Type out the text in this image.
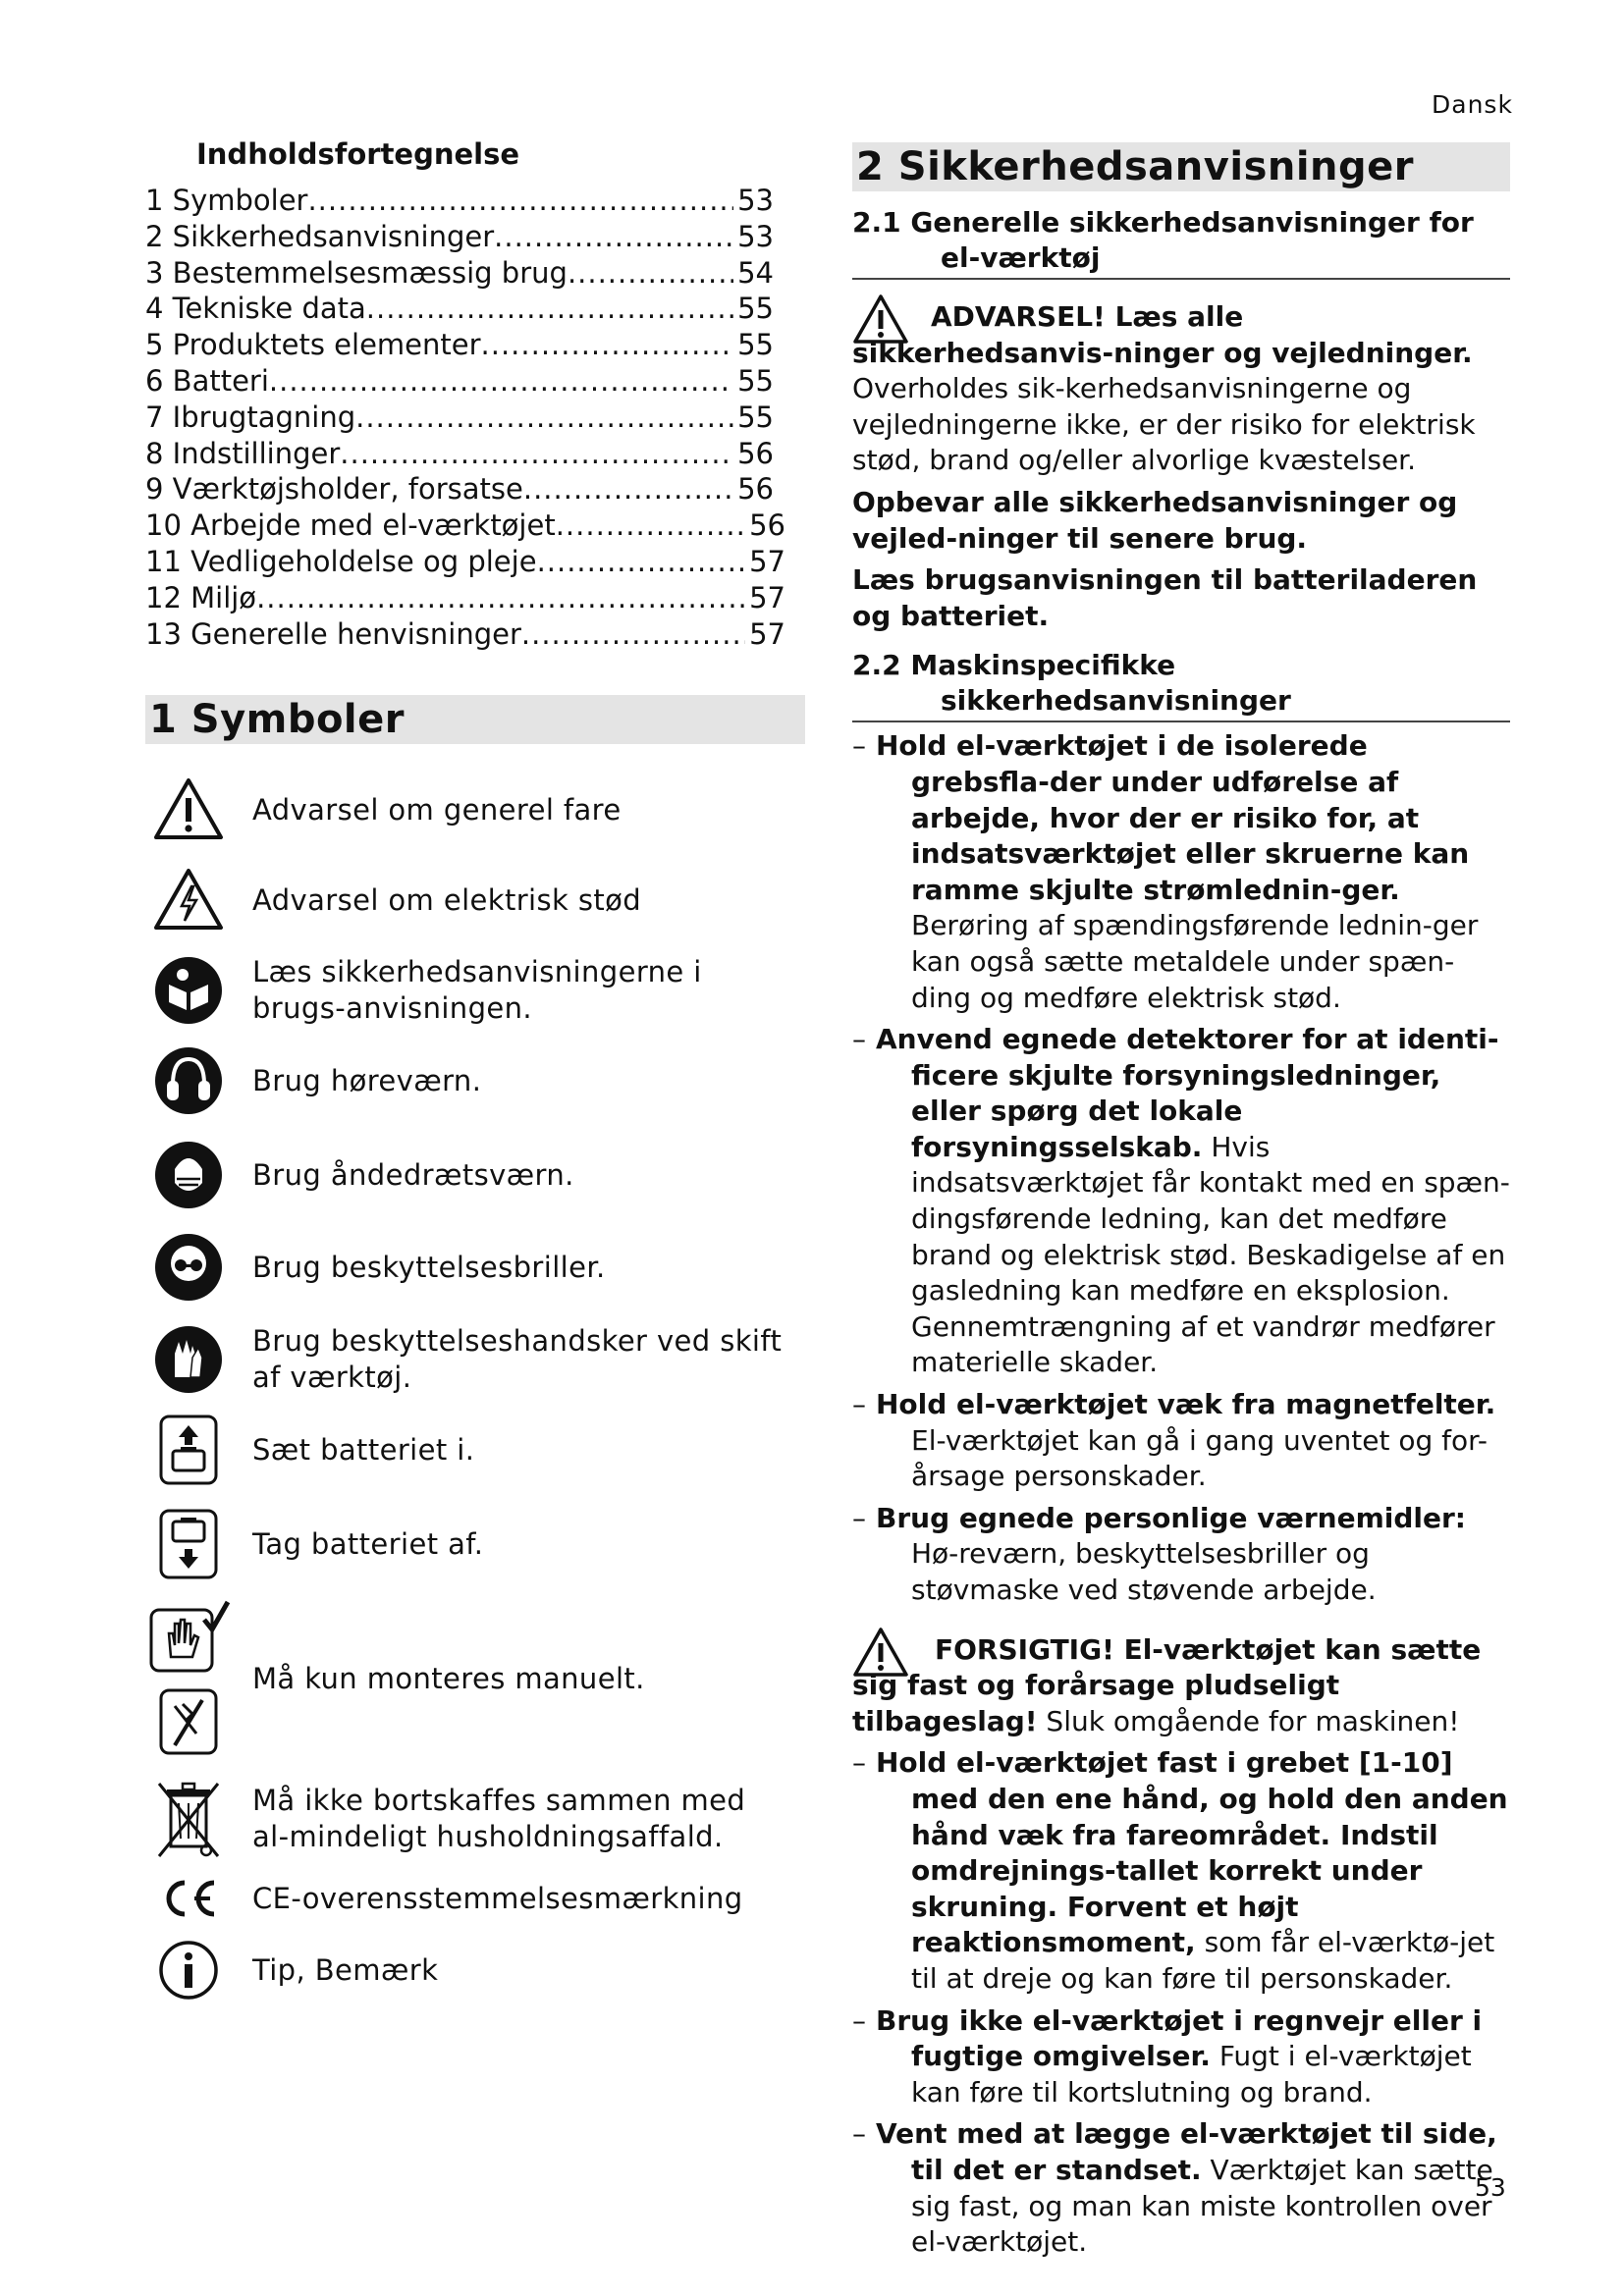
Dansk
Indholdsfortegnelse
1 Symboler .....	53
2 Sikkerhedsanvisninger .....	53
3 Bestemmelsesmæssig brug .....	54
4 Tekniske data .....	55
5 Produktets elementer .....	55
6 Batteri .....	55
7 Ibrugtagning .....	55
8 Indstillinger .....	56
9 Værktøjsholder, forsatse .....	56
10 Arbejde med el-værktøjet .....	56
11 Vedligeholdelse og pleje .....	57
12 Miljø .....	57
13 Generelle henvisninger .....	57
1 Symboler
Advarsel om generel fare
Advarsel om elektrisk stød
Læs sikkerhedsanvisningerne i brugs-anvisningen.
Brug høreværn.
Brug åndedrætsværn.
Brug beskyttelsesbriller.
Brug beskyttelseshandsker ved skift af værktøj.
Sæt batteriet i.
Tag batteriet af.
Må kun monteres manuelt.
Må ikke bortskaffes sammen med al-mindeligt husholdningsaffald.
CE-overensstemmelsesmærkning
Tip, Bemærk
2 Sikkerhedsanvisninger
2.1 Generelle sikkerhedsanvisninger for
el-værktøj
ADVARSEL! Læs alle sikkerhedsanvis-ninger og vejledninger. Overholdes sik-kerhedsanvisningerne og vejledningerne ikke, er der risiko for elektrisk stød, brand og/eller alvorlige kvæstelser.
Opbevar alle sikkerhedsanvisninger og vejled-ninger til senere brug.
Læs brugsanvisningen til batteriladeren og batteriet.
2.2 Maskinspecifikke
sikkerhedsanvisninger
– Hold el-værktøjet i de isolerede grebsfla-der under udførelse af arbejde, hvor der er risiko for, at indsatsværktøjet eller skruerne kan ramme skjulte strømlednin-ger. Berøring af spændingsførende lednin-ger kan også sætte metaldele under spæn-ding og medføre elektrisk stød.
– Anvend egnede detektorer for at identi-ficere skjulte forsyningsledninger, eller spørg det lokale forsyningsselskab. Hvis indsatsværktøjet får kontakt med en spæn-dingsførende ledning, kan det medføre brand og elektrisk stød. Beskadigelse af en gasledning kan medføre en eksplosion. Gennemtrængning af et vandrør medfører materielle skader.
– Hold el-værktøjet væk fra magnetfelter. El-værktøjet kan gå i gang uventet og for-årsage personskader.
– Brug egnede personlige værnemidler: Hø-reværn, beskyttelsesbriller og støvmaske ved støvende arbejde.
FORSIGTIG! El-værktøjet kan sætte sig fast og forårsage pludseligt tilbageslag! Sluk omgående for maskinen!
– Hold el-værktøjet fast i grebet [1-10] med den ene hånd, og hold den anden hånd væk fra fareområdet. Indstil omdrejnings-tallet korrekt under skruning. Forvent et højt reaktionsmoment, som får el-værktø-jet til at dreje og kan føre til personskader.
– Brug ikke el-værktøjet i regnvejr eller i fugtige omgivelser. Fugt i el-værktøjet kan føre til kortslutning og brand.
– Vent med at lægge el-værktøjet til side, til det er standset. Værktøjet kan sætte sig fast, og man kan miste kontrollen over el-værktøjet.
53
